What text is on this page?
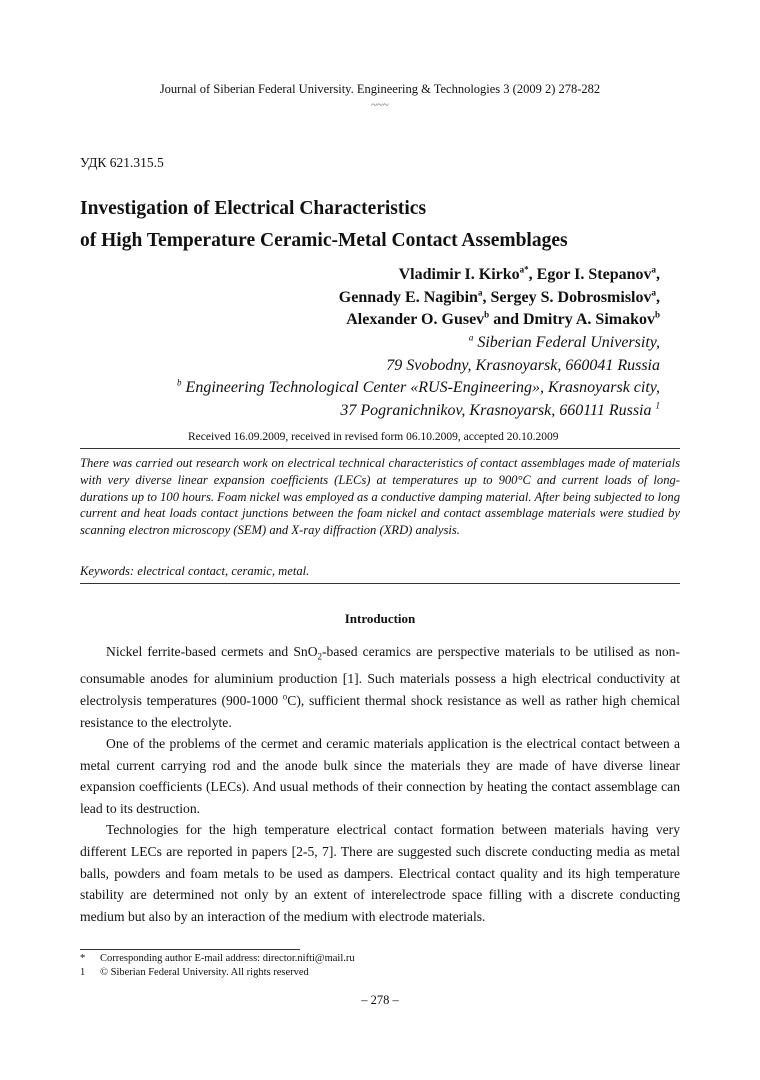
Journal of Siberian Federal University. Engineering & Technologies 3 (2009 2) 278-282
~~~
УДК 621.315.5
Investigation of Electrical Characteristics
of High Temperature Ceramic-Metal Contact Assemblages
Vladimir I. Kirko$^{a*}$, Egor I. Stepanov$^a$,
Gennady E. Nagibin$^a$, Sergey S. Dobrosmislov$^a$,
Alexander O. Gusev$^b$ and Dmitry A. Simakov$^b$
$^a$ Siberian Federal University,
79 Svobodny, Krasnoyarsk, 660041 Russia
$^b$ Engineering Technological Center «RUS-Engineering», Krasnoyarsk city,
37 Pogranichnikov, Krasnoyarsk, 660111 Russia $^1$
Received 16.09.2009, received in revised form 06.10.2009, accepted 20.10.2009
There was carried out research work on electrical technical characteristics of contact assemblages made of materials with very diverse linear expansion coefficients (LECs) at temperatures up to 900°C and current loads of long-durations up to 100 hours. Foam nickel was employed as a conductive damping material. After being subjected to long current and heat loads contact junctions between the foam nickel and contact assemblage materials were studied by scanning electron microscopy (SEM) and X-ray diffraction (XRD) analysis.
Keywords: electrical contact, ceramic, metal.
Introduction

Nickel ferrite-based cermets and SnO$_2$-based ceramics are perspective materials to be utilised as non-consumable anodes for aluminium production [1]. Such materials possess a high electrical conductivity at electrolysis temperatures (900-1000 $^o$C), sufficient thermal shock resistance as well as rather high chemical resistance to the electrolyte.

One of the problems of the cermet and ceramic materials application is the electrical contact between a metal current carrying rod and the anode bulk since the materials they are made of have diverse linear expansion coefficients (LECs). And usual methods of their connection by heating the contact assemblage can lead to its destruction.

Technologies for the high temperature electrical contact formation between materials having very different LECs are reported in papers [2-5, 7]. There are suggested such discrete conducting media as metal balls, powders and foam metals to be used as dampers. Electrical contact quality and its high temperature stability are determined not only by an extent of interelectrode space filling with a discrete conducting medium but also by an interaction of the medium with electrode materials.

* Corresponding author E-mail address: director.nifti@mail.ru
1 © Siberian Federal University. All rights reserved
– 278 –
